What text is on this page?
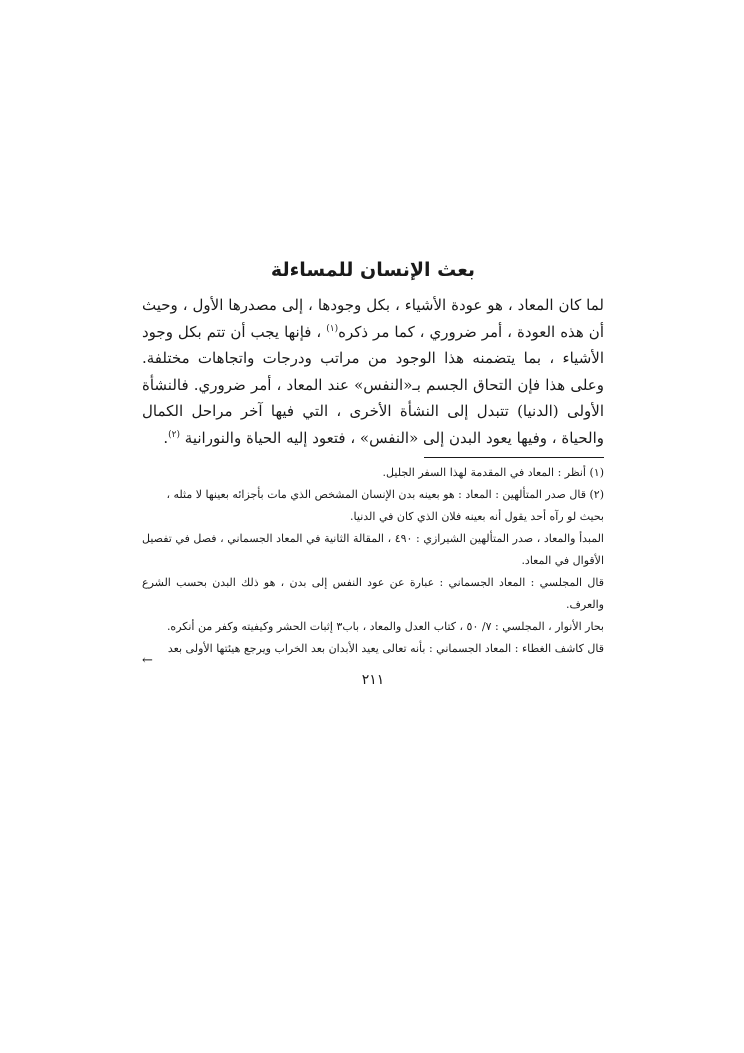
بعث الإنسان للمساءلة

لما كان المعاد ، هو عودة الأشياء ، بكل وجودها ، إلى مصدرها الأول ، وحيث أن هذه العودة ، أمر ضروري ، كما مر ذكره$^{(١)}$ ، فإنها يجب أن تتم بكل وجود الأشياء ، بما يتضمنه هذا الوجود من مراتب ودرجات واتجاهات مختلفة. وعلى هذا فإن التحاق الجسم بـ«النفس» عند المعاد ، أمر ضروري. فالنشأة الأولى (الدنيا) تتبدل إلى النشأة الأخرى ، التي فيها آخر مراحل الكمال والحياة ، وفيها يعود البدن إلى «النفس» ، فتعود إليه الحياة والنورانية $^{(٢)}$.

(١) أنظر : المعاد في المقدمة لهذا السفر الجليل.

(٢) قال صدر المتألهين : المعاد : هو بعينه بدن الإنسان المشخص الذي مات بأجزائه بعينها لا مثله ،

بحيث لو رآه أحد يقول أنه بعينه فلان الذي كان في الدنيا.

المبدأ والمعاد ، صدر المتألهين الشيرازي : ٤٩٠ ، المقالة الثانية في المعاد الجسماني ، فصل في تفصيل الأقوال في المعاد.

قال المجلسي : المعاد الجسماني : عبارة عن عود النفس إلى بدن ، هو ذلك البدن بحسب الشرع والعرف.

بحار الأنوار ، المجلسي : ٧/ ٥٠ ، كتاب العدل والمعاد ، باب٣ إثبات الحشر وكيفيته وكفر من أنكره.

قال كاشف الغطاء : المعاد الجسماني : بأنه تعالى يعيد الأبدان بعد الخراب ويرجع هيئتها الأولى بعد

←
٢١١
